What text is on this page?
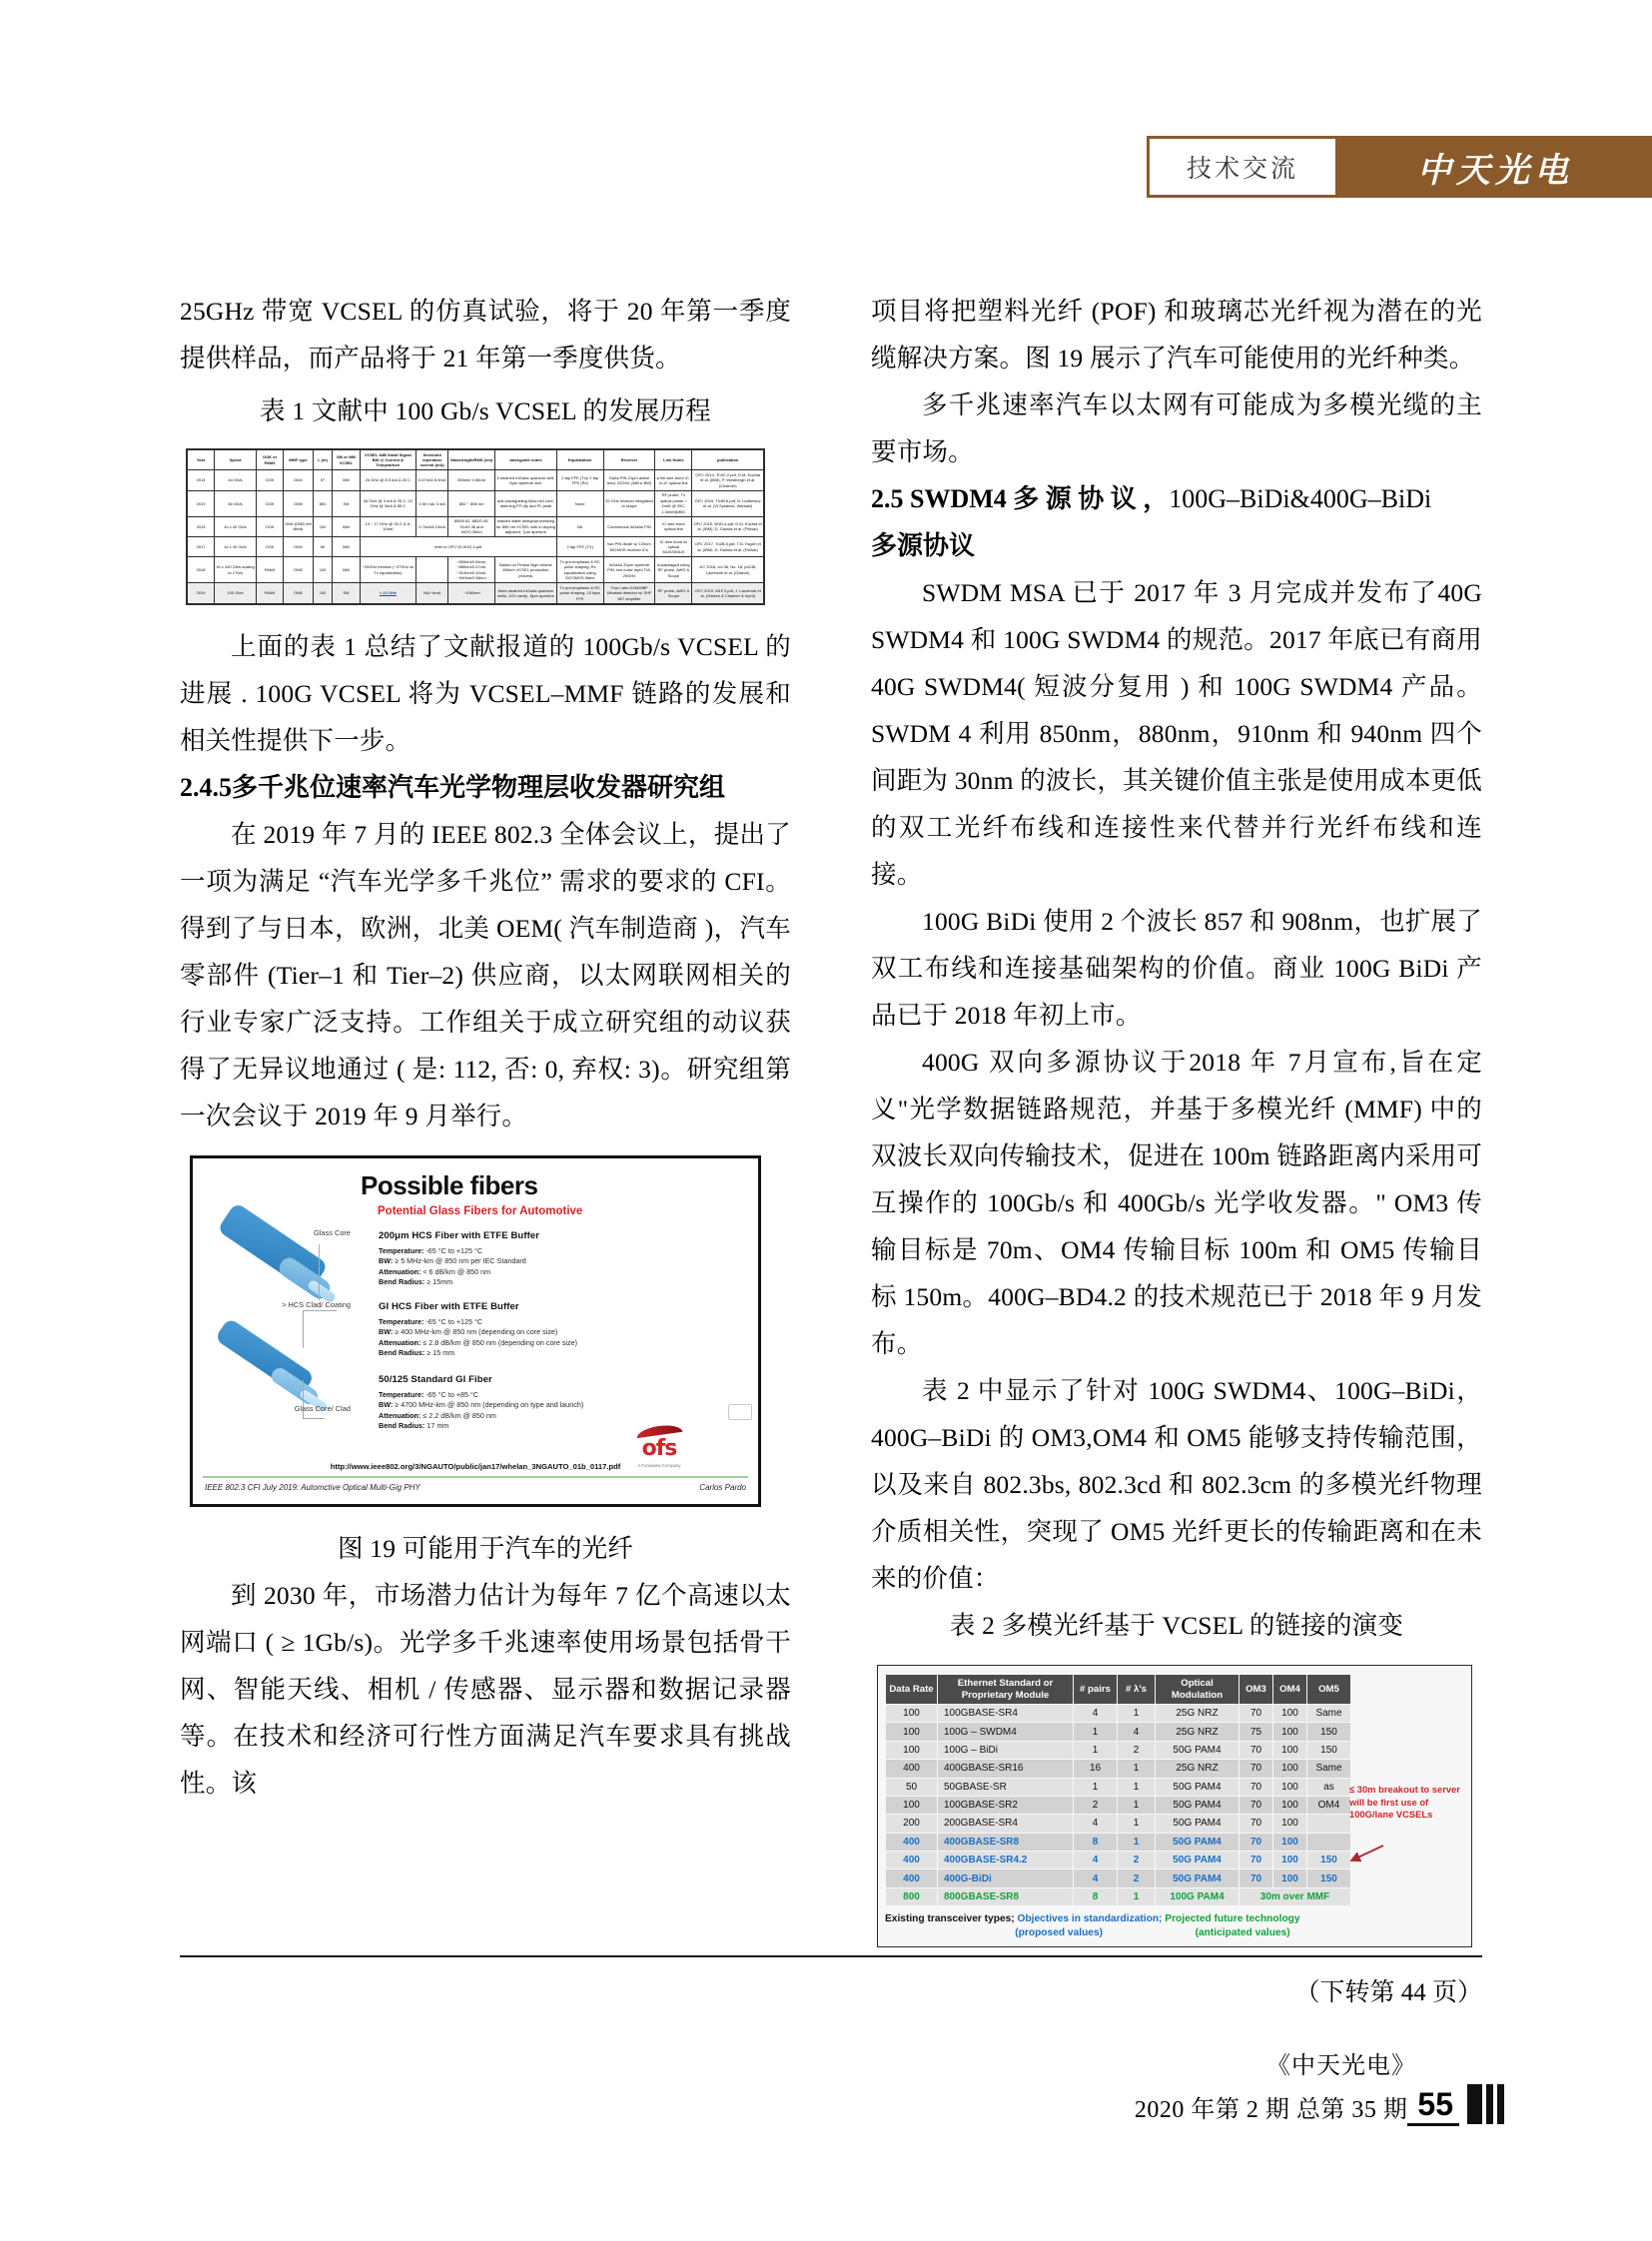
技术交流	中天光电

25GHz 带宽 VCSEL 的仿真试验，将于 20 年第一季度提供样品，而产品将于 21 年第一季度供货。

表 1 文献中 100 Gb/s VCSEL 的发展历程

Year	Speed	OOK or PAM4	MMF type	L (m)	SM or MM VCSEL	VCSEL 3dB Small Signal BW @ Current & Tempearture	threshold /operation current (mA)	Wavelength/RMS (nm)	waveguide notes	Equalization	Receiver	Link Notes	publication
2014	64 Gb/s	OOK	OM4	57	MM	26 GHz @ 8.5 mA & 25 C	0.67mA/ 8.5mA	850nm/ 0.68nm	5 strained InGaAs quantum well, 5μm aperture size	2 tap FFE (Tx)/ 2 tap FFE (Rx)	GaAs PIN 21μm active area, 22GHz (3dB e-BW)	a full wire bond IC-to-IC optical link	OFC 2014, Th3C.2.pdf, D.M. Kuchta et al. (IBM), P. Westbergh et al. (Chalmer)
2019	60 Gb/s	OOK	OM5	800	SM	26 GHz @ 3 mA & 25 C; 22 GHz @ 3mA & 85 C	0.50 mA/ 3 mA	852 ~ 856 nm	anti-waveguiding AlAs-rich core, detuning FP-dip and PL peak	None	32 GHz receiver integrated to scope	RF probe, Tx optical power > 2mW @ 25C, 1.3mW@85C	OFC 2019, Th4B.6.pdf, N. Ledentsov et al. (VI Systems, Warsaw)
2015	4λ x 40 Gb/s	OOK	OM4 (DMD left tilted)	100	MM	13 ~ 17 GHz @ 25 C & 8-10mA	0.7mA/8-10mA	855/0.62, 882/0.49, 914/0.36 and 947/0.35nm	standrd wafer design/processing for 850 nm VCSEL with in-doping adjusted, 7μm aperture	NA	Commercial InGaAs PIN	IC wire bond optical link	OFC 2015, W1D.4.pdf, D.M. Kuchta et al. (IBM), D. Gazula et al. (Finisar)
2017	4λ x 40 Gb/s	OOK	OM4	50	MM	refer to OFC'15 W1D.4.pdf				2 tap FFE (TX)	two PIN diode w/ 130nm BiCMOS receiver ICs	IC wire bond w/ optical MUX/DMUX	OFC 2017, Tu2B.5.pdf, T.N. Huynh et al. (IBM), D. Gazula et al. (Finisar)
2018	4λ x 100 Gb/s scaling to 1Tb/s	PAM4	OM5	100	MM	~20GHz intrinsic (~27GHz w/ Tx equalization)		~850nm/0.54nm, ~880nm/0.47nm, ~910nm/0.43nm, ~940nm/0.56nm	Based on Finisar high volume 850nm VCSEL production process	Tx pre-emphasis & RC pulse shaping; Rx equalization using SiCOMOS filters	InGaAs 20μm aperture PIN, low noise Inphi TIA, 29GHz	unpackaged using RF probe, AWG & Scope	JLT 2018, vol 36, No. 18, p4138, Lavrencik et al. (Gatech)
2019	100 Gb/s	PAM4	OM5	100	SM	> 23 GHz	NA/~6mA	~1060nm	three strained InGaAs quantum wells, 1/2λ cavity, .5μm aperture	Tx pre-emphasis & RC pulse shaping, 10 taps FFE	Thor Labs DXM30BF Ultrafast detector w/ SHF 807 amplifier	RF probe, AWG & Scope	OFC 2019, M1F.3.pdf, J. Lavrencik et al. (Gatech & Chalmer & Inphi)

上面的表 1 总结了文献报道的 100Gb/s VCSEL 的进展 . 100G VCSEL 将为 VCSEL–MMF 链路的发展和相关性提供下一步。

2.4.5多千兆位速率汽车光学物理层收发器研究组

在 2019 年 7 月的 IEEE 802.3 全体会议上，提出了一项为满足 “汽车光学多千兆位” 需求的要求的 CFI。得到了与日本，欧洲，北美 OEM( 汽车制造商 )，汽车零部件 (Tier–1 和 Tier–2) 供应商，以太网联网相关的行业专家广泛支持。工作组关于成立研究组的动议获得了无异议地通过 ( 是: 112, 否: 0, 弃权: 3)。研究组第一次会议于 2019 年 9 月举行。

Possible fibers
Potential Glass Fibers for Automotive
Glass Core
> HCS Clad/ Coating
Glass Core/ Clad
200μm HCS Fiber with ETFE Buffer
Temperature: -65 °C to +125 °C
BW: ≥ 5 MHz-km @ 850 nm per IEC Standard
Attenuation: < 6 dB/km @ 850 nm
Bend Radius: ≥ 15mm
GI HCS Fiber with ETFE Buffer
Temperature: -65 °C to +125 °C
BW: ≥ 400 MHz-km @ 850 nm (depending on core size)
Attenuation: ≤ 2.8 dB/km @ 850 nm (depending on core size)
Bend Radius: ≥ 15 mm
50/125 Standard GI Fiber
Temperature: -65 °C to +85 °C
BW: ≥ 4700 MHz-km @ 850 nm (depending on type and launch)
Attenuation: ≤ 2.2 dB/km @ 850 nm
Bend Radius: 17 mm
ofs
A Furukawa Company
http://www.ieee802.org/3/NGAUTO/public/jan17/whelan_3NGAUTO_01b_0117.pdf
IEEE 802.3 CFI July 2019: Automctive Optical Multi-Gig PHY	Carlos Pardo

图 19 可能用于汽车的光纤

到 2030 年，市场潜力估计为每年 7 亿个高速以太网端口 ( ≥ 1Gb/s)。光学多千兆速率使用场景包括骨干网、智能天线、相机 / 传感器、显示器和数据记录器等。在技术和经济可行性方面满足汽车要求具有挑战性。该

项目将把塑料光纤 (POF) 和玻璃芯光纤视为潜在的光缆解决方案。图 19 展示了汽车可能使用的光纤种类。

多千兆速率汽车以太网有可能成为多模光缆的主要市场。

2.5 SWDM4 多 源 协 议 ，100G–BiDi&400G–BiDi
多源协议

SWDM MSA 已于 2017 年 3 月完成并发布了40G SWDM4 和 100G SWDM4 的规范。2017 年底已有商用 40G SWDM4( 短波分复用 ) 和 100G SWDM4 产品。SWDM 4 利用 850nm，880nm，910nm 和 940nm 四个间距为 30nm 的波长，其关键价值主张是使用成本更低的双工光纤布线和连接性来代替并行光纤布线和连接。

100G BiDi 使用 2 个波长 857 和 908nm，也扩展了双工布线和连接基础架构的价值。商业 100G BiDi 产品已于 2018 年初上市。

400G 双向多源协议于2018 年 7月宣布,旨在定义"光学数据链路规范，并基于多模光纤 (MMF) 中的双波长双向传输技术，促进在 100m 链路距离内采用可互操作的 100Gb/s 和 400Gb/s 光学收发器。" OM3 传输目标是 70m、OM4 传输目标 100m 和 OM5 传输目标 150m。400G–BD4.2 的技术规范已于 2018 年 9 月发布。

表 2 中显示了针对 100G SWDM4、100G–BiDi，400G–BiDi 的 OM3,OM4 和 OM5 能够支持传输范围，以及来自 802.3bs, 802.3cd 和 802.3cm 的多模光纤物理介质相关性，突现了 OM5 光纤更长的传输距离和在未来的价值：

表 2 多模光纤基于 VCSEL 的链接的演变

Data Rate	Ethernet Standard or Proprietary Module	# pairs	# λ's	Optical Modulation	OM3	OM4	OM5
100	100GBASE-SR4	4	1	25G NRZ	70	100	Same
100	100G – SWDM4	1	4	25G NRZ	75	100	150
100	100G – BiDi	1	2	50G PAM4	70	100	150
400	400GBASE-SR16	16	1	25G NRZ	70	100	Same
50	50GBASE-SR	1	1	50G PAM4	70	100	as
100	100GBASE-SR2	2	1	50G PAM4	70	100	OM4
200	200GBASE-SR4	4	1	50G PAM4	70	100	
400	400GBASE-SR8	8	1	50G PAM4	70	100	
400	400GBASE-SR4.2	4	2	50G PAM4	70	100	150
400	400G-BiDi	4	2	50G PAM4	70	100	150
800	800GBASE-SR8	8	1	100G PAM4	30m over MMF		
≤ 30m breakout to server will be first use of 100G/lane VCSELs
Existing transceiver types; Objectives in standardization; Projected future technology
(proposed values)	(anticipated values)
（下转第 44 页）
《中天光电》
2020 年第 2 期 总第 35 期 55
